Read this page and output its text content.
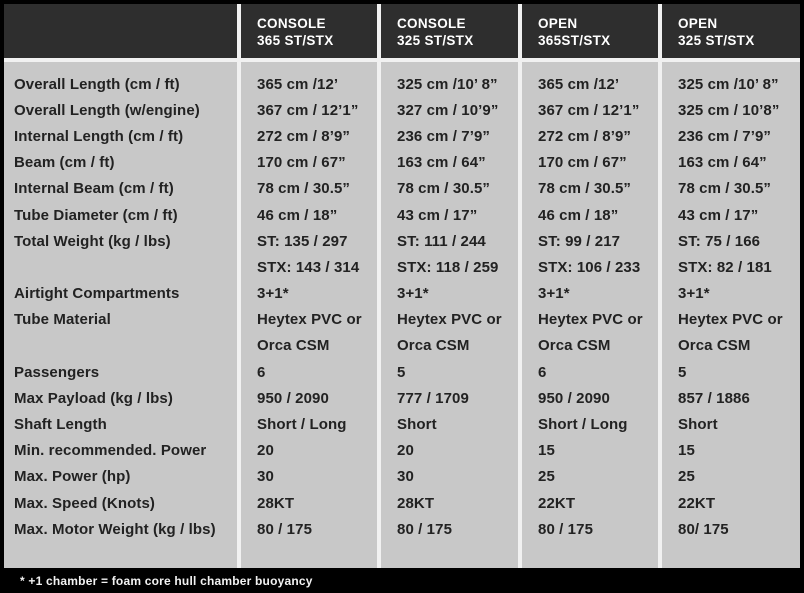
CONSOLE
365 ST/STX
CONSOLE
325 ST/STX
OPEN
365ST/STX
OPEN
325 ST/STX
Overall Length (cm / ft)
Overall Length (w/engine)
Internal Length (cm / ft)
Beam (cm / ft)
Internal Beam (cm / ft)
Tube Diameter (cm / ft)
Total Weight (kg / lbs)
Airtight Compartments
Tube Material
Passengers
Max Payload (kg / lbs)
Shaft Length
Min. recommended. Power
Max. Power (hp)
Max. Speed (Knots)
Max. Motor Weight (kg / lbs)
365 cm /12’
367 cm / 12’1”
272 cm / 8’9”
170 cm / 67”
78 cm / 30.5”
46 cm / 18”
ST: 135 / 297
STX: 143 / 314
3+1*
Heytex PVC or
Orca CSM
6
950 / 2090
Short / Long
20
30
28KT
80 / 175
325 cm /10’ 8”
327 cm / 10’9”
236 cm / 7’9”
163 cm / 64”
78 cm / 30.5”
43 cm / 17”
ST: 111 / 244
STX: 118 / 259
3+1*
Heytex PVC or
Orca CSM
5
777 / 1709
Short
20
30
28KT
80 / 175
365 cm /12’
367 cm / 12’1”
272 cm / 8’9”
170 cm / 67”
78 cm / 30.5”
46 cm / 18”
ST: 99 / 217
STX: 106 / 233
3+1*
Heytex PVC or
Orca CSM
6
950 / 2090
Short / Long
15
25
22KT
80 / 175
325 cm /10’ 8”
325 cm / 10’8”
236 cm / 7’9”
163 cm / 64”
78 cm / 30.5”
43 cm / 17”
ST: 75 / 166
STX: 82 / 181
3+1*
Heytex PVC or
Orca CSM
5
857 / 1886
Short
15
25
22KT
80/ 175
* +1 chamber = foam core hull chamber buoyancy
